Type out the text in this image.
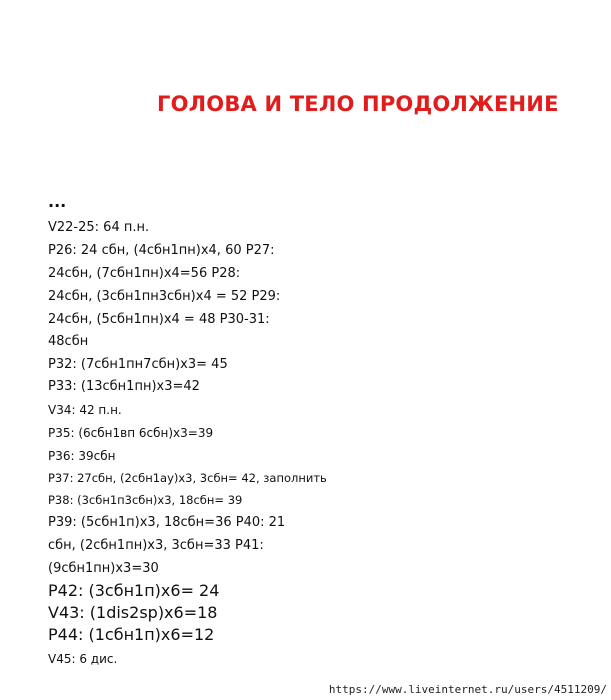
ГОЛОВА И ТЕЛО ПРОДОЛЖЕНИЕ
...
V22-25: 64 п.н.
P26: 24 сбн, (4сбн1пн)x4, 60 P27:
24сбн, (7сбн1пн)x4=56 P28:
24сбн, (3сбн1пн3сбн)x4 = 52 P29:
24сбн, (5сбн1пн)x4 = 48 P30-31:
48сбн
P32: (7сбн1пн7сбн)x3= 45
P33: (13сбн1пн)x3=42
V34: 42 п.н.
P35: (6сбн1вп 6сбн)x3=39
P36: 39сбн
P37: 27сбн, (2сбн1ау)x3, 3сбн= 42, заполнить
P38: (3сбн1п3сбн)x3, 18сбн= 39
P39: (5сбн1п)x3, 18сбн=36 P40: 21
сбн, (2сбн1пн)x3, 3сбн=33 P41:
(9сбн1пн)x3=30
P42: (3сбн1п)x6= 24
V43: (1dis2sp)x6=18
P44: (1сбн1п)x6=12
V45: 6 дис.
https://www.liveinternet.ru/users/4511209/
